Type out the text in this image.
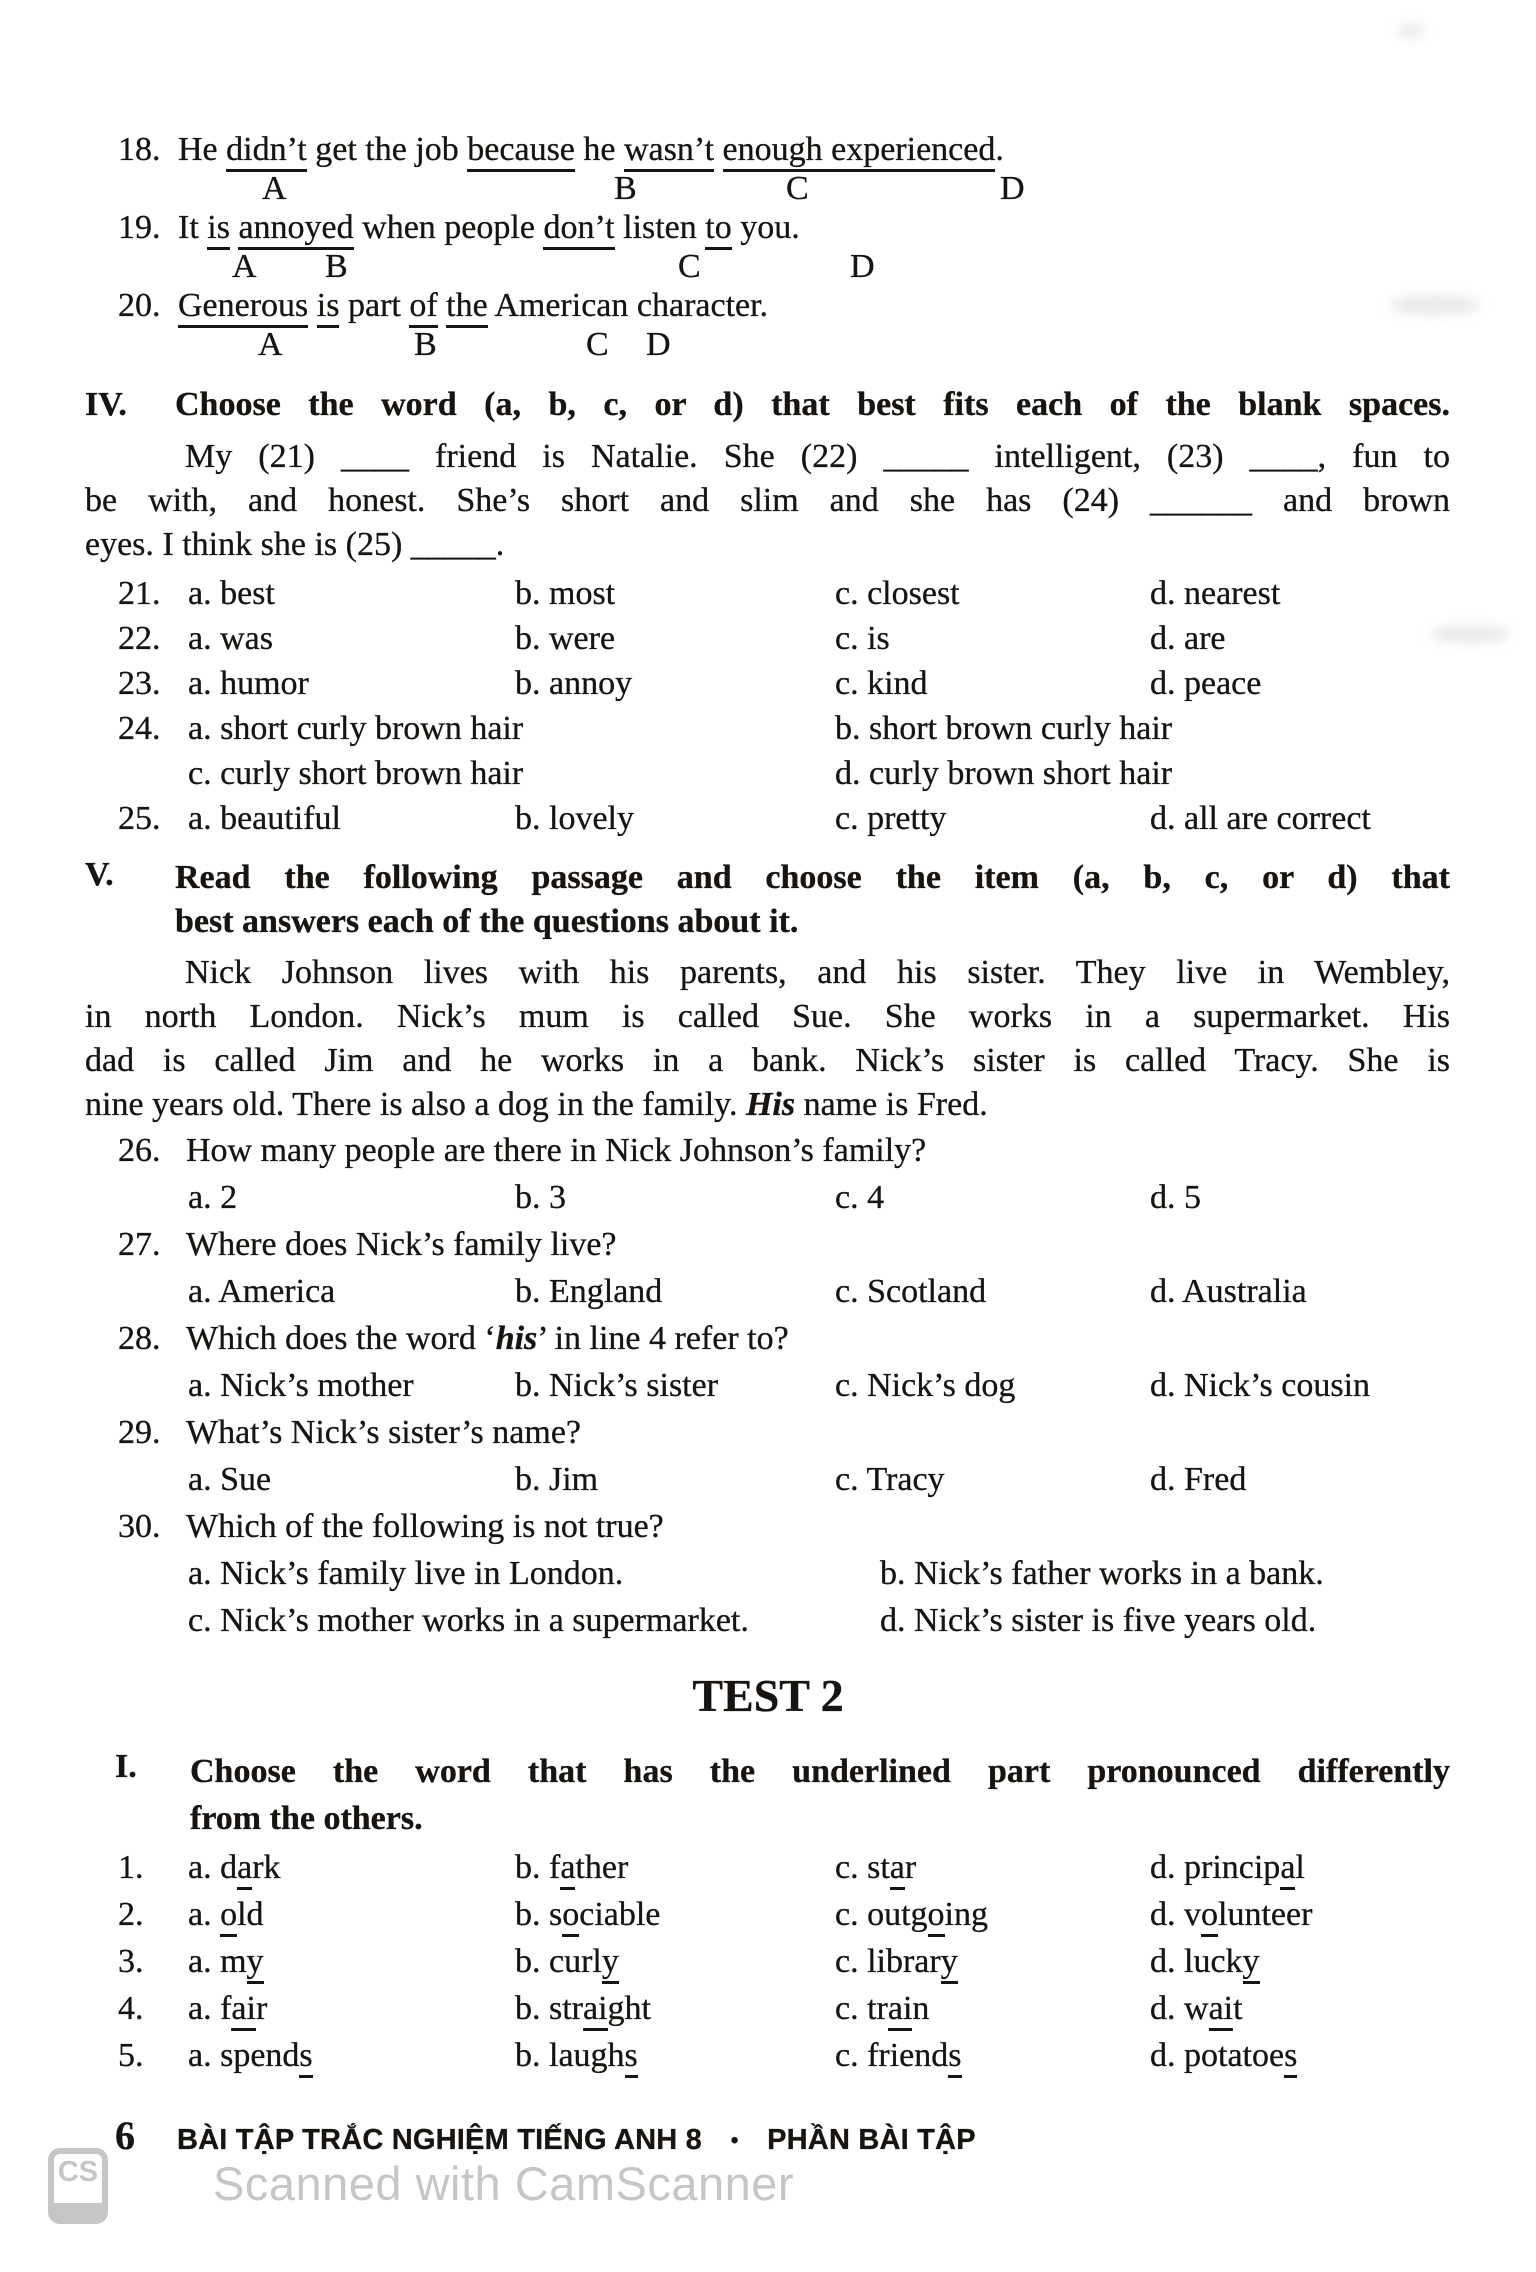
18. He didn’t get the job because he wasn’t enough experienced.
A	B	C	D
19. It is annoyed when people don’t listen to you.
A B	C	D
20. Generous is part of the American character.
A	B	C D
IV. Choose the word (a, b, c, or d) that best fits each of the blank spaces.
My (21) ____ friend is Natalie. She (22) _____ intelligent, (23) ____, fun to
be with, and honest. She’s short and slim and she has (24) ______ and brown
eyes. I think she is (25) _____.
21. a. best	b. most	c. closest	d. nearest
22. a. was	b. were	c. is	d. are
23. a. humor	b. annoy	c. kind	d. peace
24. a. short curly brown hair	b. short brown curly hair
c. curly short brown hair	d. curly brown short hair
25. a. beautiful	b. lovely	c. pretty	d. all are correct
V. Read the following passage and choose the item (a, b, c, or d) that
best answers each of the questions about it.
Nick Johnson lives with his parents, and his sister. They live in Wembley,
in north London. Nick’s mum is called Sue. She works in a supermarket. His
dad is called Jim and he works in a bank. Nick’s sister is called Tracy. She is
nine years old. There is also a dog in the family. His name is Fred.
26. How many people are there in Nick Johnson’s family?
a. 2	b. 3	c. 4	d. 5
27. Where does Nick’s family live?
a. America	b. England	c. Scotland	d. Australia
28. Which does the word ‘his’ in line 4 refer to?
a. Nick’s mother	b. Nick’s sister	c. Nick’s dog	d. Nick’s cousin
29. What’s Nick’s sister’s name?
a. Sue	b. Jim	c. Tracy	d. Fred
30. Which of the following is not true?
a. Nick’s family live in London.	b. Nick’s father works in a bank.
c. Nick’s mother works in a supermarket.	d. Nick’s sister is five years old.
TEST 2
I. Choose the word that has the underlined part pronounced differently
from the others.
1.	a. dark	b. father	c. star	d. principal
2.	a. old	b. sociable	c. outgoing	d. volunteer
3.	a. my	b. curly	c. library	d. lucky
4.	a. fair	b. straight	c. train	d. wait
5.	a. spends	b. laughs	c. friends	d. potatoes
6 BÀI TẬP TRẮC NGHIỆM TIẾNG ANH 8 • PHẦN BÀI TẬP
CS Scanned with CamScanner
